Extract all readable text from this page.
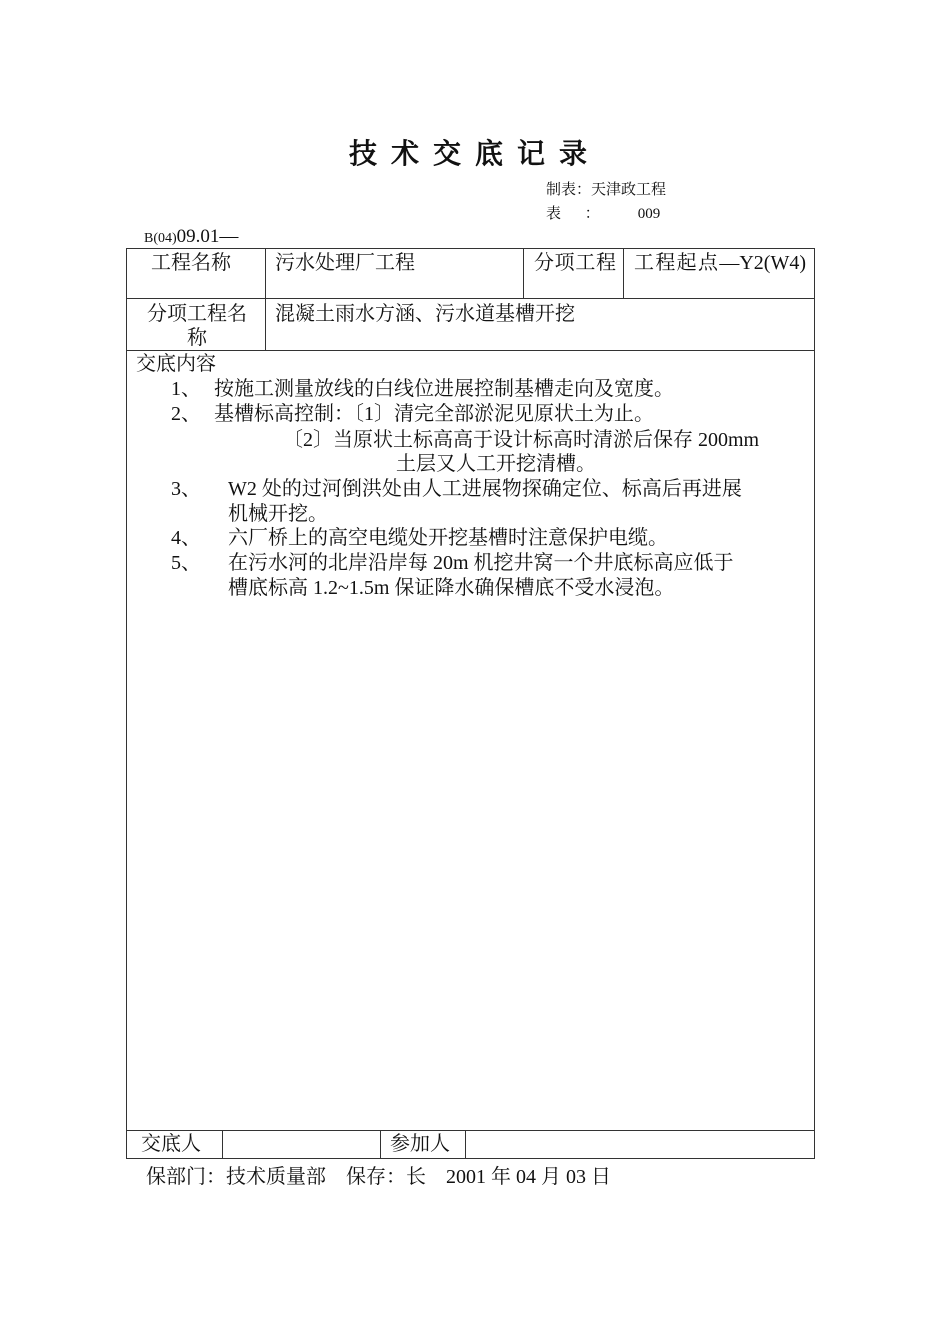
技术交底记录
制表：天津政工程
表 ： 009
B(04)09.01—
工程名称 污水处理厂工程	分项工程 工程起点—Y2(W4)
分项工程名称
混凝土雨水方涵、污水道基槽开挖
交底内容
1、 按施工测量放线的白线位进展控制基槽走向及宽度。
2、 基槽标高控制：〔1〕清完全部淤泥见原状土为止。
〔2〕当原状土标高高于设计标高时清淤后保存 200mm
土层又人工开挖清槽。
3、 W2 处的过河倒洪处由人工进展物探确定位、标高后再进展
机械开挖。
4、 六厂桥上的高空电缆处开挖基槽时注意保护电缆。
5、 在污水河的北岸沿岸每 20m 机挖井窝一个井底标高应低于
槽底标高 1.2~1.5m 保证降水确保槽底不受水浸泡。
交底人	参加人
保部门：技术质量部 保存：长 2001 年 04 月 03 日
